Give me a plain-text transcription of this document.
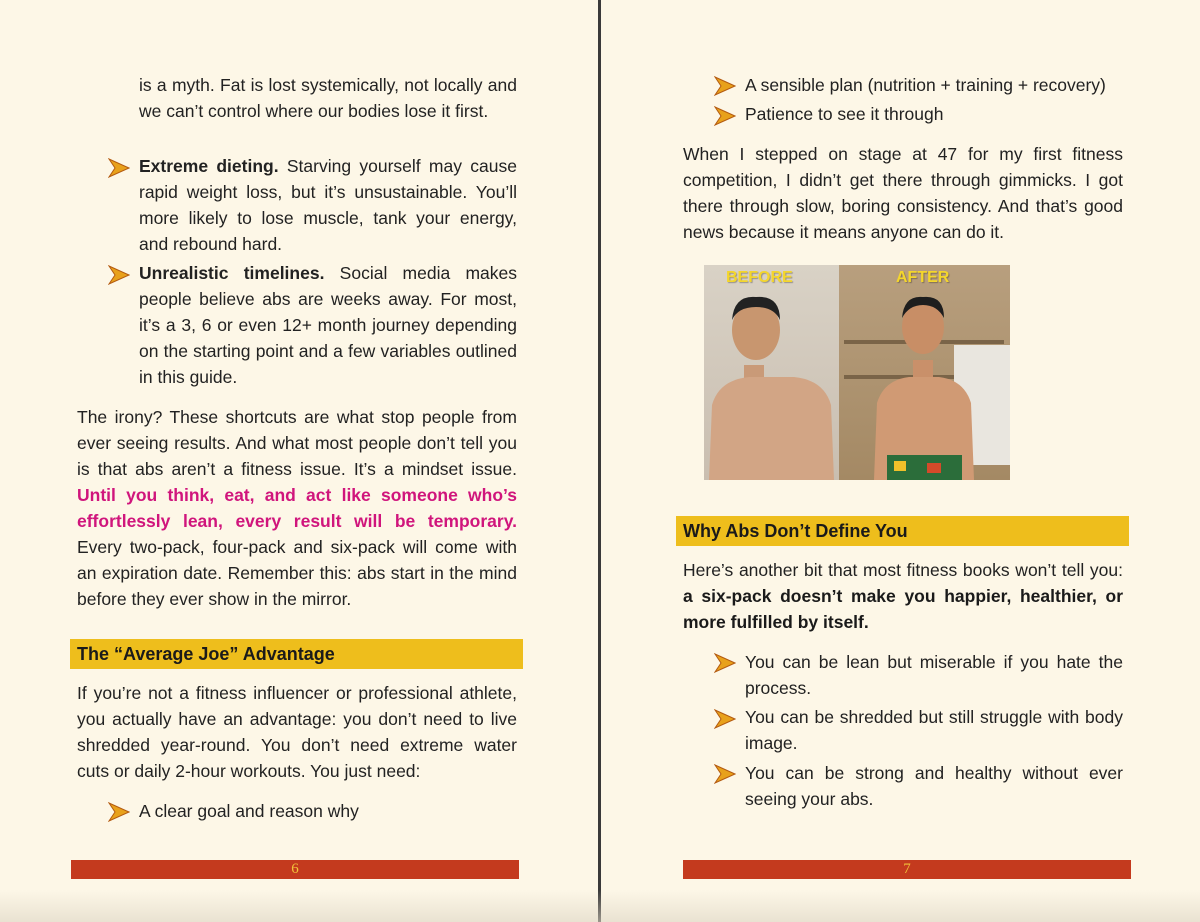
is a myth. Fat is lost systemically, not locally and we can’t control where our bodies lose it first.

Extreme dieting. Starving yourself may cause rapid weight loss, but it’s unsustainable. You’ll more likely to lose muscle, tank your energy, and rebound hard.
Unrealistic timelines. Social media makes people believe abs are weeks away. For most, it’s a 3, 6 or even 12+ month journey depending on the starting point and a few variables outlined in this guide.

The irony? These shortcuts are what stop people from ever seeing results. And what most people don’t tell you is that abs aren’t a fitness issue. It’s a mindset issue. Until you think, eat, and act like someone who’s effortlessly lean, every result will be temporary. Every two-pack, four-pack and six-pack will come with an expiration date. Remember this: abs start in the mind before they ever show in the mirror.

The “Average Joe” Advantage

If you’re not a fitness influencer or professional athlete, you actually have an advantage: you don’t need to live shredded year-round. You don’t need extreme water cuts or daily 2-hour workouts. You just need:

A clear goal and reason why
6
A sensible plan (nutrition + training + recovery)
Patience to see it through

When I stepped on stage at 47 for my first fitness competition, I didn’t get there through gimmicks. I got there through slow, boring consistency. And that’s good news because it means anyone can do it.

BEFORE	AFTER
Why Abs Don’t Define You

Here’s another bit that most fitness books won’t tell you: a six-pack doesn’t make you happier, healthier, or more fulfilled by itself.

You can be lean but miserable if you hate the process.
You can be shredded but still struggle with body image.
You can be strong and healthy without ever seeing your abs.
7
